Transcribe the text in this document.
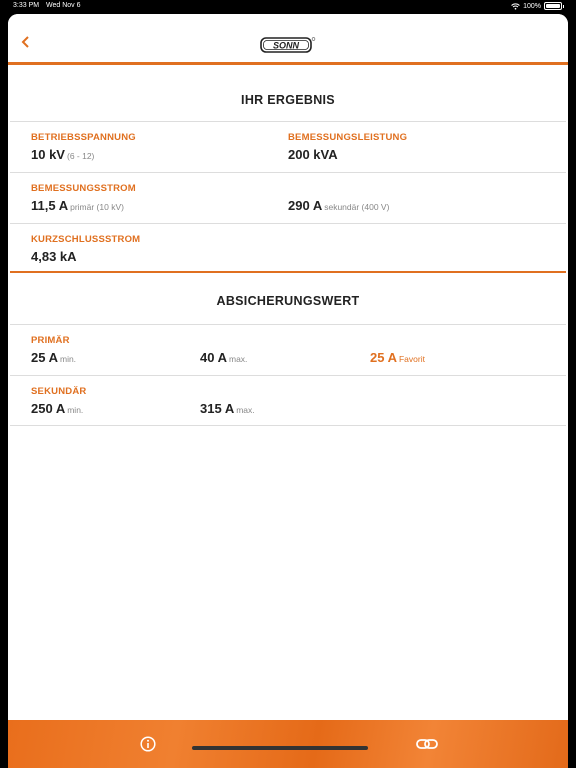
3:33 PM Wed Nov 6	100%
SONN
IHR ERGEBNIS
BETRIEBSSPANNUNG
10 kV (6 - 12)
BEMESSUNGSLEISTUNG
200 kVA
BEMESSUNGSSTROM
11,5 A primär (10 kV)	290 A sekundär (400 V)
KURZSCHLUSSSTROM
4,83 kA
ABSICHERUNGSWERT
PRIMÄR
25 A min.	40 A max.	25 A Favorit
SEKUNDÄR
250 A min.	315 A max.
